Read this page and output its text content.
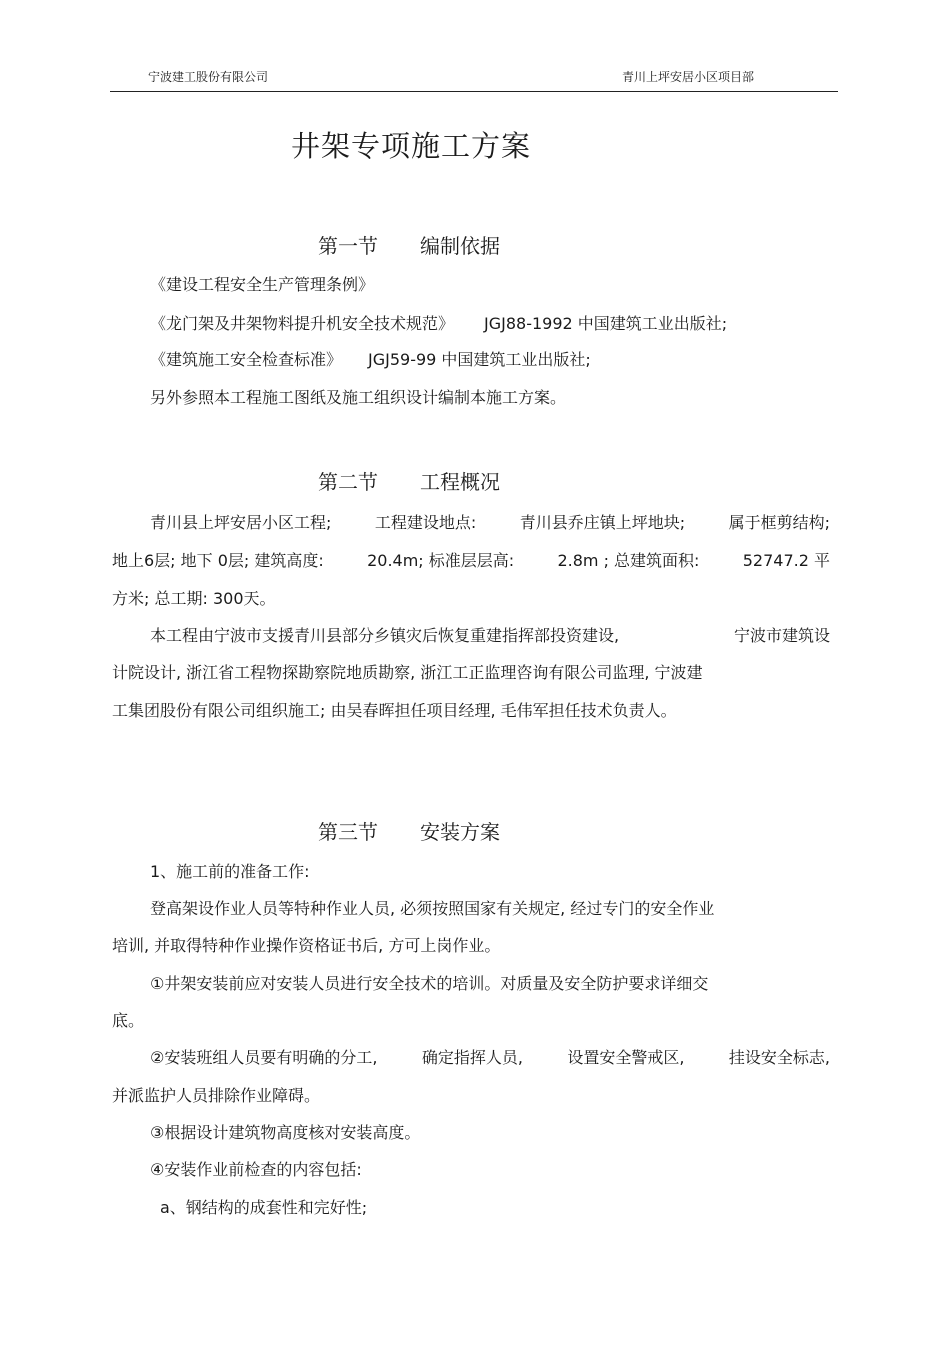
宁波建工股份有限公司	青川上坪安居小区项目部
井架专项施工方案
第一节 编制依据
《建设工程安全生产管理条例》
《龙门架及井架物料提升机安全技术规范》 JGJ88-1992 中国建筑工业出版社;
《建筑施工安全检查标准》 JGJ59-99 中国建筑工业出版社;
另外参照本工程施工图纸及施工组织设计编制本施工方案。
第二节 工程概况
青川县上坪安居小区工程;	工程建设地点:	青川县乔庄镇上坪地块;	属于框剪结构;
地上6层; 地下 0层; 建筑高度:	20.4m; 标准层层高:	2.8m ; 总建筑面积:	52747.2 平
方米; 总工期: 300天。
本工程由宁波市支援青川县部分乡镇灾后恢复重建指挥部投资建设,	宁波市建筑设
计院设计, 浙江省工程物探勘察院地质勘察, 浙江工正监理咨询有限公司监理, 宁波建
工集团股份有限公司组织施工; 由吴春晖担任项目经理, 毛伟军担任技术负责人。
第三节 安装方案
1、施工前的准备工作:
登高架设作业人员等特种作业人员, 必须按照国家有关规定, 经过专门的安全作业
培训, 并取得特种作业操作资格证书后, 方可上岗作业。
①井架安装前应对安装人员进行安全技术的培训。对质量及安全防护要求详细交
底。
②安装班组人员要有明确的分工,	确定指挥人员,	设置安全警戒区,	挂设安全标志,
并派监护人员排除作业障碍。
③根据设计建筑物高度核对安装高度。
④安装作业前检查的内容包括:
a、钢结构的成套性和完好性;
